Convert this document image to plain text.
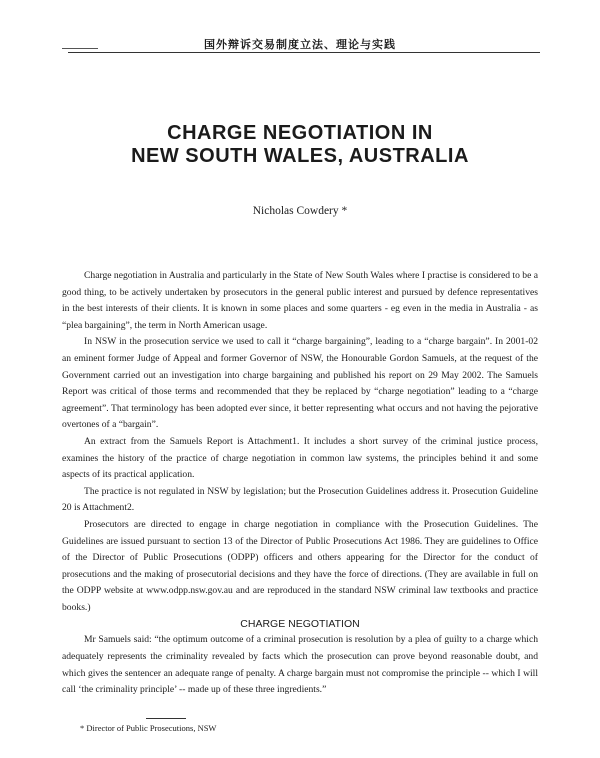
国外辩诉交易制度立法、理论与实践
CHARGE NEGOTIATION IN
NEW SOUTH WALES, AUSTRALIA
Nicholas Cowdery *

Charge negotiation in Australia and particularly in the State of New South Wales where I practise is considered to be a good thing, to be actively undertaken by prosecutors in the general public interest and pursued by defence representatives in the best interests of their clients. It is known in some places and some quarters - eg even in the media in Australia - as “plea bargaining”, the term in North American usage.

In NSW in the prosecution service we used to call it “charge bargaining”, leading to a “charge bargain”. In 2001-02 an eminent former Judge of Appeal and former Governor of NSW, the Honourable Gordon Samuels, at the request of the Government carried out an investigation into charge bargaining and published his report on 29 May 2002. The Samuels Report was critical of those terms and recommended that they be replaced by “charge negotiation” leading to a “charge agreement”. That terminology has been adopted ever since, it better representing what occurs and not having the pejorative overtones of a “bargain”.

An extract from the Samuels Report is Attachment1. It includes a short survey of the criminal justice process, examines the history of the practice of charge negotiation in common law systems, the principles behind it and some aspects of its practical application.

The practice is not regulated in NSW by legislation; but the Prosecution Guidelines address it. Prosecution Guideline 20 is Attachment2.

Prosecutors are directed to engage in charge negotiation in compliance with the Prosecution Guidelines. The Guidelines are issued pursuant to section 13 of the Director of Public Prosecutions Act 1986. They are guidelines to Office of the Director of Public Prosecutions (ODPP) officers and others appearing for the Director for the conduct of prosecutions and the making of prosecutorial decisions and they have the force of directions. (They are available in full on the ODPP website at www.odpp.nsw.gov.au and are reproduced in the standard NSW criminal law textbooks and practice books.)

CHARGE NEGOTIATION

Mr Samuels said: “the optimum outcome of a criminal prosecution is resolution by a plea of guilty to a charge which adequately represents the criminality revealed by facts which the prosecution can prove beyond reasonable doubt, and which gives the sentencer an adequate range of penalty. A charge bargain must not compromise the principle -- which I will call ‘the criminality principle’ -- made up of these three ingredients.”

* Director of Public Prosecutions, NSW
